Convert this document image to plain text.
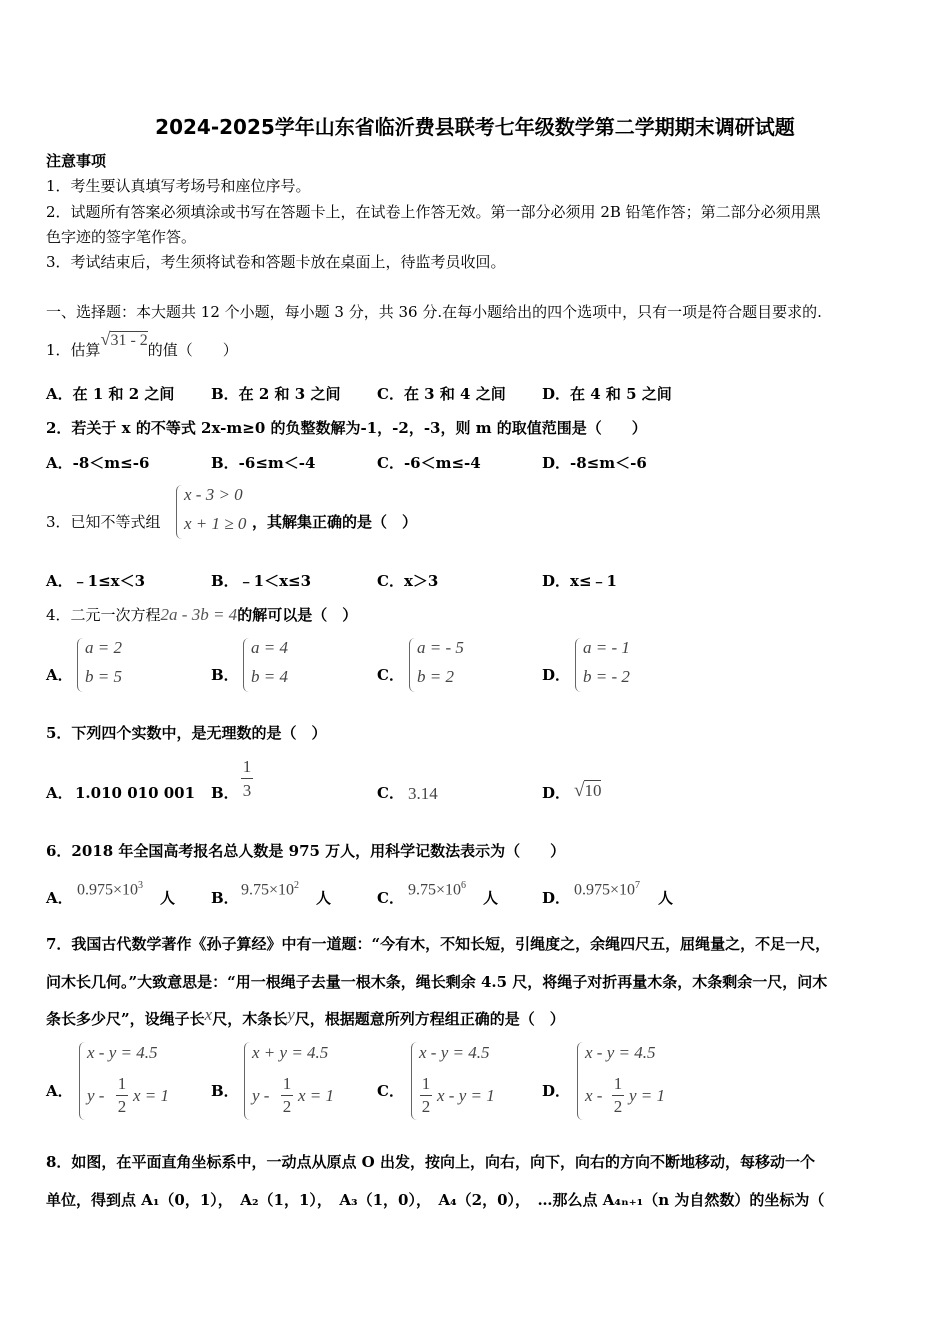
2024-2025学年山东省临沂费县联考七年级数学第二学期期末调研试题
注意事项
1．考生要认真填写考场号和座位序号。
2．试题所有答案必须填涂或书写在答题卡上，在试卷上作答无效。第一部分必须用 2B 铅笔作答；第二部分必须用黑
色字迹的签字笔作答。
3．考试结束后，考生须将试卷和答题卡放在桌面上，待监考员收回。
一、选择题：本大题共 12 个小题，每小题 3 分，共 36 分.在每小题给出的四个选项中，只有一项是符合题目要求的.
1．估算√31 - 2的值（　　）
A．在 1 和 2 之间 B．在 2 和 3 之间 C．在 3 和 4 之间 D．在 4 和 5 之间
2．若关于 x 的不等式 2x-m≥0 的负整数解为-1，-2，-3，则 m 的取值范围是（　　）
A．-8＜m≤-6	B．-6≤m＜-4	C．-6＜m≤-4	D．-8≤m＜-6
3．已知不等式组
x - 3 > 0
x + 1 ≥ 0 ，其解集正确的是（　）
A．﹣1≤x＜3	B．﹣1＜x≤3	C．x＞3	D．x≤﹣1
4．二元一次方程2a - 3b = 4的解可以是（　）
A．
a = 2
b = 5	B．
a = 4
b = 4	C．
a = - 5
b = 2	D．
a = - 1
b = - 2
5．下列四个实数中，是无理数的是（　）
A． 1.010 010 001 B．
1
3	C． 3.14	D． √10
6．2018 年全国高考报名总人数是 975 万人，用科学记数法表示为（　　）
A． $0.975\times 10^3$
人 B． $9.75\times 10^2$
人	C． $9.75\times 10^6$
人	D． $0.975\times 10^7$
人
7．我国古代数学著作《孙子算经》中有一道题：“今有木，不知长短，引绳度之，余绳四尺五，屈绳量之，不足一尺，
问木长几何。”大致意思是：“用一根绳子去量一根木条，绳长剩余 4.5 尺，将绳子对折再量木条，木条剩余一尺，问木
条长多少尺”，设绳子长x尺，木条长y尺，根据题意所列方程组正确的是（　）
A．
x - y = 4.5
y -
1
2
x = 1	B．
x + y = 4.5
y -
1
2
x = 1	C．
x - y = 4.5
1
2
x - y = 1	D．
x - y = 4.5
x -
1
2
y = 1
8．如图，在平面直角坐标系中，一动点从原点 O 出发，按向上，向右，向下，向右的方向不断地移动，每移动一个
单位，得到点 A₁（0，1），　A₂（1，1），　A₃（1，0），　A₄（2，0），　…那么点 A₄ₙ₊₁（n 为自然数）的坐标为（
